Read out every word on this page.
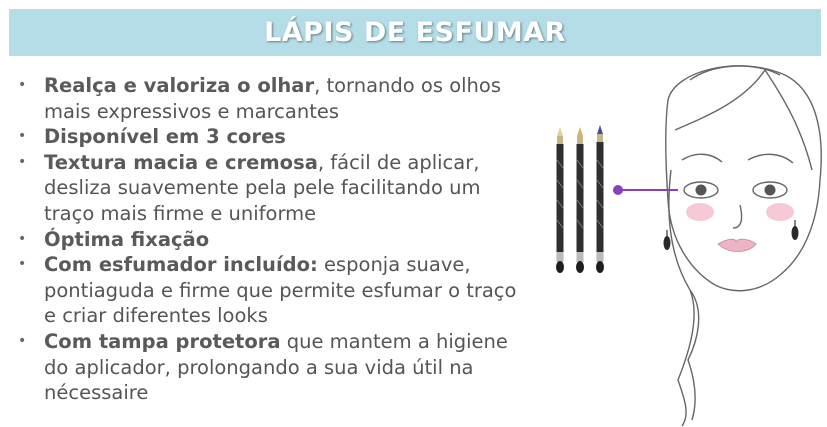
LÁPIS DE ESFUMAR
• Realça e valoriza o olhar, tornando os olhos mais expressivos e marcantes
• Disponível em 3 cores
• Textura macia e cremosa, fácil de aplicar, desliza suavemente pela pele facilitando um traço mais firme e uniforme
• Óptima fixação
• Com esfumador incluído: esponja suave, pontiaguda e firme que permite esfumar o traço e criar diferentes looks
• Com tampa protetora que mantem a higiene do aplicador, prolongando a sua vida útil na nécessaire
